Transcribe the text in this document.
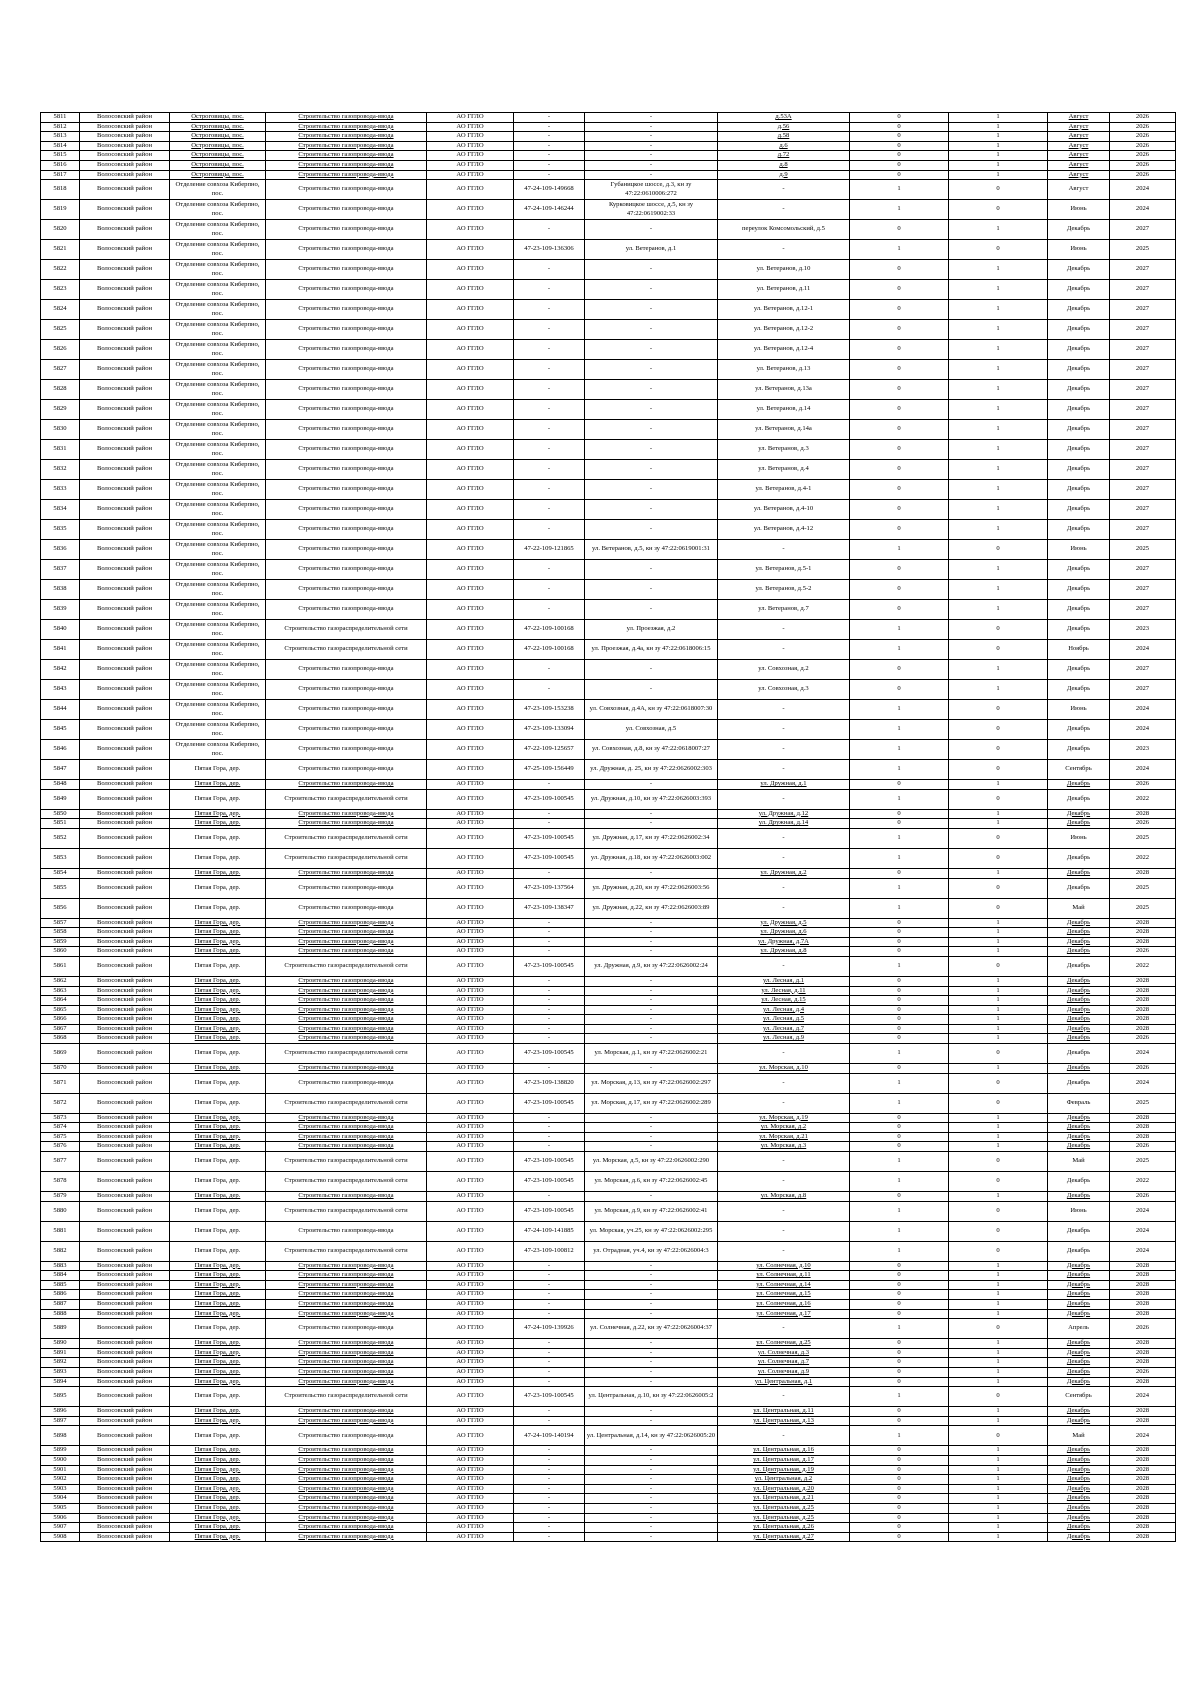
5811	Волосовский район	Остроговицы, пос.	Строительство газопровода-ввода	АО ГГЛО	-	-	д.53А	0	1	Август	2026
5812	Волосовский район	Остроговицы, пос.	Строительство газопровода-ввода	АО ГГЛО	-	-	д.56	0	1	Август	2026
5813	Волосовский район	Остроговицы, пос.	Строительство газопровода-ввода	АО ГГЛО	-	-	д.58	0	1	Август	2026
5814	Волосовский район	Остроговицы, пос.	Строительство газопровода-ввода	АО ГГЛО	-	-	д.6	0	1	Август	2026
5815	Волосовский район	Остроговицы, пос.	Строительство газопровода-ввода	АО ГГЛО	-	-	д.72	0	1	Август	2026
5816	Волосовский район	Остроговицы, пос.	Строительство газопровода-ввода	АО ГГЛО	-	-	д.8	0	1	Август	2026
5817	Волосовский район	Остроговицы, пос.	Строительство газопровода-ввода	АО ГГЛО	-	-	д.9	0	1	Август	2026
5818	Волосовский район	Отделение совхоза Киберпно, пос.	Строительство газопровода-ввода	АО ГГЛО	47-24-109-149668	Губаницкое шоссе, д.3, кн зу 47:22:0610006:272	-	1	0	Август	2024
5819	Волосовский район	Отделение совхоза Киберпно, пос.	Строительство газопровода-ввода	АО ГГЛО	47-24-109-146244	Курковицкое шоссе, д.5, кн зу 47:22:0619002:33	-	1	0	Июнь	2024
5820	Волосовский район	Отделение совхоза Киберпно, пос.	Строительство газопровода-ввода	АО ГГЛО	-	-	переулок Комсомольский, д.5	0	1	Декабрь	2027
5821	Волосовский район	Отделение совхоза Киберпно, пос.	Строительство газопровода-ввода	АО ГГЛО	47-23-109-136306	ул. Ветеранов, д.1	-	1	0	Июнь	2025
5822	Волосовский район	Отделение совхоза Киберпно, пос.	Строительство газопровода-ввода	АО ГГЛО	-	-	ул. Ветеранов, д.10	0	1	Декабрь	2027
5823	Волосовский район	Отделение совхоза Киберпно, пос.	Строительство газопровода-ввода	АО ГГЛО	-	-	ул. Ветеранов, д.11	0	1	Декабрь	2027
5824	Волосовский район	Отделение совхоза Киберпно, пос.	Строительство газопровода-ввода	АО ГГЛО	-	-	ул. Ветеранов, д.12-1	0	1	Декабрь	2027
5825	Волосовский район	Отделение совхоза Киберпно, пос.	Строительство газопровода-ввода	АО ГГЛО	-	-	ул. Ветеранов, д.12-2	0	1	Декабрь	2027
5826	Волосовский район	Отделение совхоза Киберпно, пос.	Строительство газопровода-ввода	АО ГГЛО	-	-	ул. Ветеранов, д.12-4	0	1	Декабрь	2027
5827	Волосовский район	Отделение совхоза Киберпно, пос.	Строительство газопровода-ввода	АО ГГЛО	-	-	ул. Ветеранов, д.13	0	1	Декабрь	2027
5828	Волосовский район	Отделение совхоза Киберпно, пос.	Строительство газопровода-ввода	АО ГГЛО	-	-	ул. Ветеранов, д.13а	0	1	Декабрь	2027
5829	Волосовский район	Отделение совхоза Киберпно, пос.	Строительство газопровода-ввода	АО ГГЛО	-	-	ул. Ветеранов, д.14	0	1	Декабрь	2027
5830	Волосовский район	Отделение совхоза Киберпно, пос.	Строительство газопровода-ввода	АО ГГЛО	-	-	ул. Ветеранов, д.14а	0	1	Декабрь	2027
5831	Волосовский район	Отделение совхоза Киберпно, пос.	Строительство газопровода-ввода	АО ГГЛО	-	-	ул. Ветеранов, д.3	0	1	Декабрь	2027
5832	Волосовский район	Отделение совхоза Киберпно, пос.	Строительство газопровода-ввода	АО ГГЛО	-	-	ул. Ветеранов, д.4	0	1	Декабрь	2027
5833	Волосовский район	Отделение совхоза Киберпно, пос.	Строительство газопровода-ввода	АО ГГЛО	-	-	ул. Ветеранов, д.4-1	0	1	Декабрь	2027
5834	Волосовский район	Отделение совхоза Киберпно, пос.	Строительство газопровода-ввода	АО ГГЛО	-	-	ул. Ветеранов, д.4-10	0	1	Декабрь	2027
5835	Волосовский район	Отделение совхоза Киберпно, пос.	Строительство газопровода-ввода	АО ГГЛО	-	-	ул. Ветеранов, д.4-12	0	1	Декабрь	2027
5836	Волосовский район	Отделение совхоза Киберпно, пос.	Строительство газопровода-ввода	АО ГГЛО	47-22-109-121865	ул. Ветеранов, д.5, кн зу 47:22:0619001:31	-	1	0	Июнь	2025
5837	Волосовский район	Отделение совхоза Киберпно, пос.	Строительство газопровода-ввода	АО ГГЛО	-	-	ул. Ветеранов, д.5-1	0	1	Декабрь	2027
5838	Волосовский район	Отделение совхоза Киберпно, пос.	Строительство газопровода-ввода	АО ГГЛО	-	-	ул. Ветеранов, д.5-2	0	1	Декабрь	2027
5839	Волосовский район	Отделение совхоза Киберпно, пос.	Строительство газопровода-ввода	АО ГГЛО	-	-	ул. Ветеранов, д.7	0	1	Декабрь	2027
5840	Волосовский район	Отделение совхоза Киберпно, пос.	Строительство газораспределительной сети	АО ГГЛО	47-22-109-100168	ул. Проезжая, д.2	-	1	0	Декабрь	2023
5841	Волосовский район	Отделение совхоза Киберпно, пос.	Строительство газораспределительной сети	АО ГГЛО	47-22-109-100168	ул. Проезжая, д.4а, кн зу 47:22:0618006:15	-	1	0	Ноябрь	2024
5842	Волосовский район	Отделение совхоза Киберпно, пос.	Строительство газопровода-ввода	АО ГГЛО	-	-	ул. Совхозная, д.2	0	1	Декабрь	2027
5843	Волосовский район	Отделение совхоза Киберпно, пос.	Строительство газопровода-ввода	АО ГГЛО	-	-	ул. Совхозная, д.3	0	1	Декабрь	2027
5844	Волосовский район	Отделение совхоза Киберпно, пос.	Строительство газопровода-ввода	АО ГГЛО	47-23-109-153238	ул. Совхозная, д.4А, кн зу 47:22:0618007:30	-	1	0	Июнь	2024
5845	Волосовский район	Отделение совхоза Киберпно, пос.	Строительство газопровода-ввода	АО ГГЛО	47-23-109-133094	ул. Совхозная, д.5	-	1	0	Декабрь	2024
5846	Волосовский район	Отделение совхоза Киберпно, пос.	Строительство газопровода-ввода	АО ГГЛО	47-22-109-125657	ул. Совхозная, д.8, кн зу 47:22:0618007:27	-	1	0	Декабрь	2023
5847	Волосовский район	Пятая Гора, дер.	Строительство газопровода-ввода	АО ГГЛО	47-25-109-156449	ул. Дружная, д. 25, кн зу 47:22:0626002:303	-	1	0	Сентябрь	2024
5848	Волосовский район	Пятая Гора, дер.	Строительство газопровода-ввода	АО ГГЛО	-	-	ул. Дружная, д.1	0	1	Декабрь	2026
5849	Волосовский район	Пятая Гора, дер.	Строительство газораспределительной сети	АО ГГЛО	47-23-109-100545	ул. Дружная, д.10, кн зу 47:22:0626003:393	-	1	0	Декабрь	2022
5850	Волосовский район	Пятая Гора, дер.	Строительство газопровода-ввода	АО ГГЛО	-	-	ул. Дружная, д.12	0	1	Декабрь	2028
5851	Волосовский район	Пятая Гора, дер.	Строительство газопровода-ввода	АО ГГЛО	-	-	ул. Дружная, д.14	0	1	Декабрь	2026
5852	Волосовский район	Пятая Гора, дер.	Строительство газораспределительной сети	АО ГГЛО	47-23-109-100545	ул. Дружная, д.17, кн зу 47:22:0626002:34	-	1	0	Июнь	2025
5853	Волосовский район	Пятая Гора, дер.	Строительство газораспределительной сети	АО ГГЛО	47-23-109-100545	ул. Дружная, д.18, кн зу 47:22:0626003:002	-	1	0	Декабрь	2022
5854	Волосовский район	Пятая Гора, дер.	Строительство газопровода-ввода	АО ГГЛО	-	-	ул. Дружная, д.2	0	1	Декабрь	2028
5855	Волосовский район	Пятая Гора, дер.	Строительство газопровода-ввода	АО ГГЛО	47-23-109-137564	ул. Дружная, д.20, кн зу 47:22:0626003:56	-	1	0	Декабрь	2025
5856	Волосовский район	Пятая Гора, дер.	Строительство газопровода-ввода	АО ГГЛО	47-23-109-138347	ул. Дружная, д.22, кн зу 47:22:0626003:89	-	1	0	Май	2025
5857	Волосовский район	Пятая Гора, дер.	Строительство газопровода-ввода	АО ГГЛО	-	-	ул. Дружная, д.5	0	1	Декабрь	2028
5858	Волосовский район	Пятая Гора, дер.	Строительство газопровода-ввода	АО ГГЛО	-	-	ул. Дружная, д.6	0	1	Декабрь	2028
5859	Волосовский район	Пятая Гора, дер.	Строительство газопровода-ввода	АО ГГЛО	-	-	ул. Дружная, д.7А	0	1	Декабрь	2028
5860	Волосовский район	Пятая Гора, дер.	Строительство газопровода-ввода	АО ГГЛО	-	-	ул. Дружная, д.8	0	1	Декабрь	2026
5861	Волосовский район	Пятая Гора, дер.	Строительство газораспределительной сети	АО ГГЛО	47-23-109-100545	ул. Дружная, д.9, кн зу 47:22:0626002:24	-	1	0	Декабрь	2022
5862	Волосовский район	Пятая Гора, дер.	Строительство газопровода-ввода	АО ГГЛО	-	-	ул. Лесная, д.1	0	1	Декабрь	2028
5863	Волосовский район	Пятая Гора, дер.	Строительство газопровода-ввода	АО ГГЛО	-	-	ул. Лесная, д.11	0	1	Декабрь	2028
5864	Волосовский район	Пятая Гора, дер.	Строительство газопровода-ввода	АО ГГЛО	-	-	ул. Лесная, д.15	0	1	Декабрь	2028
5865	Волосовский район	Пятая Гора, дер.	Строительство газопровода-ввода	АО ГГЛО	-	-	ул. Лесная, д.4	0	1	Декабрь	2028
5866	Волосовский район	Пятая Гора, дер.	Строительство газопровода-ввода	АО ГГЛО	-	-	ул. Лесная, д.5	0	1	Декабрь	2028
5867	Волосовский район	Пятая Гора, дер.	Строительство газопровода-ввода	АО ГГЛО	-	-	ул. Лесная, д.7	0	1	Декабрь	2028
5868	Волосовский район	Пятая Гора, дер.	Строительство газопровода-ввода	АО ГГЛО	-	-	ул. Лесная, д.9	0	1	Декабрь	2026
5869	Волосовский район	Пятая Гора, дер.	Строительство газораспределительной сети	АО ГГЛО	47-23-109-100545	ул. Морская, д.1, кн зу 47:22:0626002:21	-	1	0	Декабрь	2024
5870	Волосовский район	Пятая Гора, дер.	Строительство газопровода-ввода	АО ГГЛО	-	-	ул. Морская, д.10	0	1	Декабрь	2026
5871	Волосовский район	Пятая Гора, дер.	Строительство газопровода-ввода	АО ГГЛО	47-23-109-138820	ул. Морская, д.13, кн зу 47:22:0626002:297	-	1	0	Декабрь	2024
5872	Волосовский район	Пятая Гора, дер.	Строительство газораспределительной сети	АО ГГЛО	47-23-109-100545	ул. Морская, д.17, кн зу 47:22:0626002:289	-	1	0	Февраль	2025
5873	Волосовский район	Пятая Гора, дер.	Строительство газопровода-ввода	АО ГГЛО	-	-	ул. Морская, д.19	0	1	Декабрь	2028
5874	Волосовский район	Пятая Гора, дер.	Строительство газопровода-ввода	АО ГГЛО	-	-	ул. Морская, д.2	0	1	Декабрь	2028
5875	Волосовский район	Пятая Гора, дер.	Строительство газопровода-ввода	АО ГГЛО	-	-	ул. Морская, д.21	0	1	Декабрь	2028
5876	Волосовский район	Пятая Гора, дер.	Строительство газопровода-ввода	АО ГГЛО	-	-	ул. Морская, д.3	0	1	Декабрь	2026
5877	Волосовский район	Пятая Гора, дер.	Строительство газораспределительной сети	АО ГГЛО	47-23-109-100545	ул. Морская, д.5, кн зу 47:22:0626002:290	-	1	0	Май	2025
5878	Волосовский район	Пятая Гора, дер.	Строительство газораспределительной сети	АО ГГЛО	47-23-109-100545	ул. Морская, д.6, кн зу 47:22:0626002:45	-	1	0	Декабрь	2022
5879	Волосовский район	Пятая Гора, дер.	Строительство газопровода-ввода	АО ГГЛО	-	-	ул. Морская, д.8	0	1	Декабрь	2026
5880	Волосовский район	Пятая Гора, дер.	Строительство газораспределительной сети	АО ГГЛО	47-23-109-100545	ул. Морская, д.9, кн зу 47:22:0626002:41	-	1	0	Июнь	2024
5881	Волосовский район	Пятая Гора, дер.	Строительство газопровода-ввода	АО ГГЛО	47-24-109-141885	ул. Морская, уч.25, кн зу 47:22:0626002:295	-	1	0	Декабрь	2024
5882	Волосовский район	Пятая Гора, дер.	Строительство газораспределительной сети	АО ГГЛО	47-23-109-100812	ул. Отрадная, уч.4, кн зу 47:22:0626004:3	-	1	0	Декабрь	2024
5883	Волосовский район	Пятая Гора, дер.	Строительство газопровода-ввода	АО ГГЛО	-	-	ул. Солнечная, д.10	0	1	Декабрь	2028
5884	Волосовский район	Пятая Гора, дер.	Строительство газопровода-ввода	АО ГГЛО	-	-	ул. Солнечная, д.11	0	1	Декабрь	2028
5885	Волосовский район	Пятая Гора, дер.	Строительство газопровода-ввода	АО ГГЛО	-	-	ул. Солнечная, д.14	0	1	Декабрь	2028
5886	Волосовский район	Пятая Гора, дер.	Строительство газопровода-ввода	АО ГГЛО	-	-	ул. Солнечная, д.15	0	1	Декабрь	2028
5887	Волосовский район	Пятая Гора, дер.	Строительство газопровода-ввода	АО ГГЛО	-	-	ул. Солнечная, д.16	0	1	Декабрь	2028
5888	Волосовский район	Пятая Гора, дер.	Строительство газопровода-ввода	АО ГГЛО	-	-	ул. Солнечная, д.17	0	1	Декабрь	2028
5889	Волосовский район	Пятая Гора, дер.	Строительство газопровода-ввода	АО ГГЛО	47-24-109-139926	ул. Солнечная, д.22, кн зу 47:22:0626004:37	-	1	0	Апрель	2026
5890	Волосовский район	Пятая Гора, дер.	Строительство газопровода-ввода	АО ГГЛО	-	-	ул. Солнечная, д.25	0	1	Декабрь	2028
5891	Волосовский район	Пятая Гора, дер.	Строительство газопровода-ввода	АО ГГЛО	-	-	ул. Солнечная, д.3	0	1	Декабрь	2028
5892	Волосовский район	Пятая Гора, дер.	Строительство газопровода-ввода	АО ГГЛО	-	-	ул. Солнечная, д.7	0	1	Декабрь	2028
5893	Волосовский район	Пятая Гора, дер.	Строительство газопровода-ввода	АО ГГЛО	-	-	ул. Солнечная, д.9	0	1	Декабрь	2026
5894	Волосовский район	Пятая Гора, дер.	Строительство газопровода-ввода	АО ГГЛО	-	-	ул. Центральная, д.1	0	1	Декабрь	2028
5895	Волосовский район	Пятая Гора, дер.	Строительство газораспределительной сети	АО ГГЛО	47-23-109-100545	ул. Центральная, д.10, кн зу 47:22:0626005:2	-	1	0	Сентябрь	2024
5896	Волосовский район	Пятая Гора, дер.	Строительство газопровода-ввода	АО ГГЛО	-	-	ул. Центральная, д.11	0	1	Декабрь	2028
5897	Волосовский район	Пятая Гора, дер.	Строительство газопровода-ввода	АО ГГЛО	-	-	ул. Центральная, д.13	0	1	Декабрь	2028
5898	Волосовский район	Пятая Гора, дер.	Строительство газопровода-ввода	АО ГГЛО	47-24-109-140194	ул. Центральная, д.14, кн зу 47:22:0626005:20	-	1	0	Май	2024
5899	Волосовский район	Пятая Гора, дер.	Строительство газопровода-ввода	АО ГГЛО	-	-	ул. Центральная, д.16	0	1	Декабрь	2028
5900	Волосовский район	Пятая Гора, дер.	Строительство газопровода-ввода	АО ГГЛО	-	-	ул. Центральная, д.17	0	1	Декабрь	2028
5901	Волосовский район	Пятая Гора, дер.	Строительство газопровода-ввода	АО ГГЛО	-	-	ул. Центральная, д.19	0	1	Декабрь	2028
5902	Волосовский район	Пятая Гора, дер.	Строительство газопровода-ввода	АО ГГЛО	-	-	ул. Центральная, д.2	0	1	Декабрь	2028
5903	Волосовский район	Пятая Гора, дер.	Строительство газопровода-ввода	АО ГГЛО	-	-	ул. Центральная, д.20	0	1	Декабрь	2028
5904	Волосовский район	Пятая Гора, дер.	Строительство газопровода-ввода	АО ГГЛО	-	-	ул. Центральная, д.21	0	1	Декабрь	2028
5905	Волосовский район	Пятая Гора, дер.	Строительство газопровода-ввода	АО ГГЛО	-	-	ул. Центральная, д.25	0	1	Декабрь	2028
5906	Волосовский район	Пятая Гора, дер.	Строительство газопровода-ввода	АО ГГЛО	-	-	ул. Центральная, д.25	0	1	Декабрь	2028
5907	Волосовский район	Пятая Гора, дер.	Строительство газопровода-ввода	АО ГГЛО	-	-	ул. Центральная, д.26	0	1	Декабрь	2028
5908	Волосовский район	Пятая Гора, дер.	Строительство газопровода-ввода	АО ГГЛО	-	-	ул. Центральная, д.27	0	1	Декабрь	2028
